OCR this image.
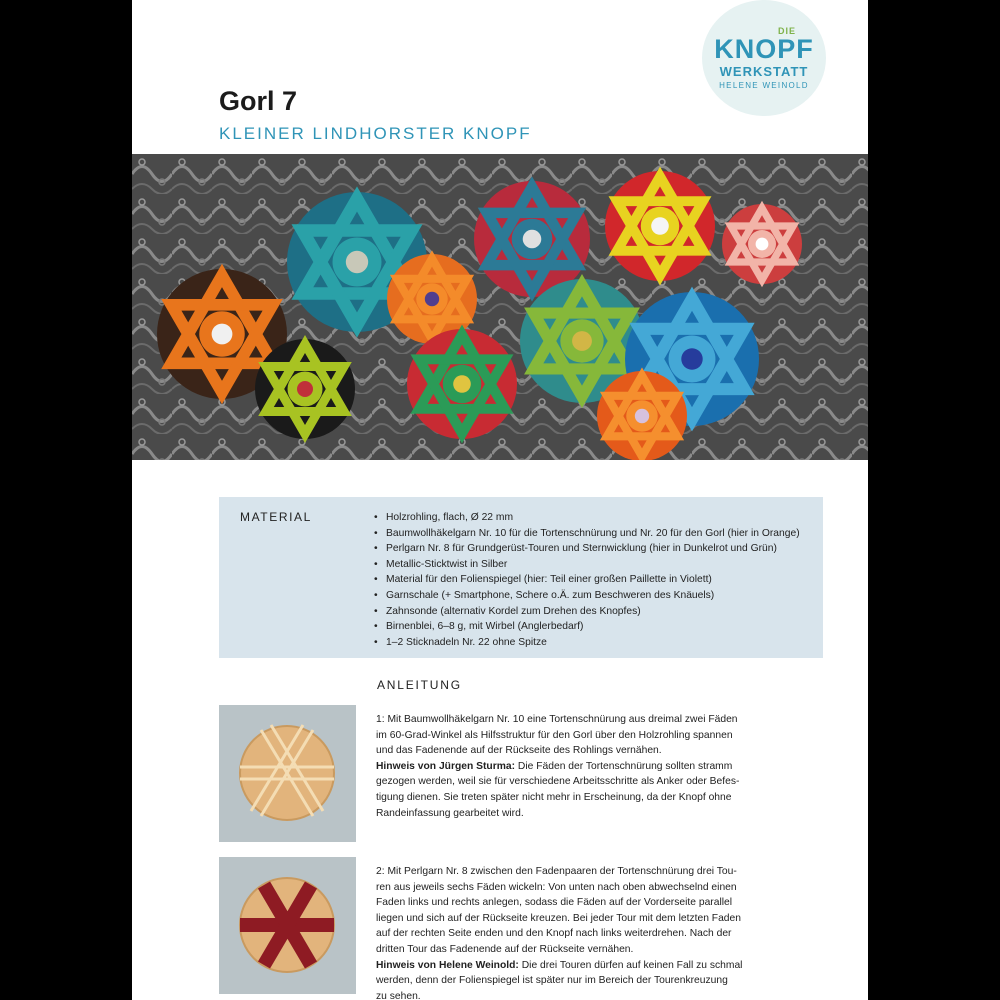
DIE
KNOPF
WERKSTATT
HELENE WEINOLD
Gorl 7
KLEINER LINDHORSTER KNOPF
MATERIAL
•	Holzrohling, flach, Ø 22 mm
• Baumwollhäkelgarn Nr. 10 für die Tortenschnürung und Nr. 20 für den Gorl (hier in Orange)
• Perlgarn Nr. 8 für Grundgerüst-Touren und Sternwicklung (hier in Dunkelrot und Grün)
• Metallic-Sticktwist in Silber
• Material für den Folienspiegel (hier: Teil einer großen Paillette in Violett)
• Garnschale (+ Smartphone, Schere o.Ä. zum Beschweren des Knäuels)
• Zahnsonde (alternativ Kordel zum Drehen des Knopfes)
• Birnenblei, 6–8 g, mit Wirbel (Anglerbedarf)
• 1–2 Sticknadeln Nr. 22 ohne Spitze
ANLEITUNG
1: Mit Baumwollhäkelgarn Nr. 10 eine Tortenschnürung aus dreimal zwei Fäden
im 60-Grad-Winkel als Hilfsstruktur für den Gorl über den Holzrohling spannen
und das Fadenende auf der Rückseite des Rohlings vernähen.
Hinweis von Jürgen Sturma: Die Fäden der Tortenschnürung sollten stramm
gezogen werden, weil sie für verschiedene Arbeitsschritte als Anker oder Befes-
tigung dienen. Sie treten später nicht mehr in Erscheinung, da der Knopf ohne
Randeinfassung gearbeitet wird.
2: Mit Perlgarn Nr. 8 zwischen den Fadenpaaren der Tortenschnürung drei Tou-
ren aus jeweils sechs Fäden wickeln: Von unten nach oben abwechselnd einen
Faden links und rechts anlegen, sodass die Fäden auf der Vorderseite parallel
liegen und sich auf der Rückseite kreuzen. Bei jeder Tour mit dem letzten Faden
auf der rechten Seite enden und den Knopf nach links weiterdrehen. Nach der
dritten Tour das Fadenende auf der Rückseite vernähen.
Hinweis von Helene Weinold: Die drei Touren dürfen auf keinen Fall zu schmal
werden, denn der Folienspiegel ist später nur im Bereich der Tourenkreuzung
zu sehen.
